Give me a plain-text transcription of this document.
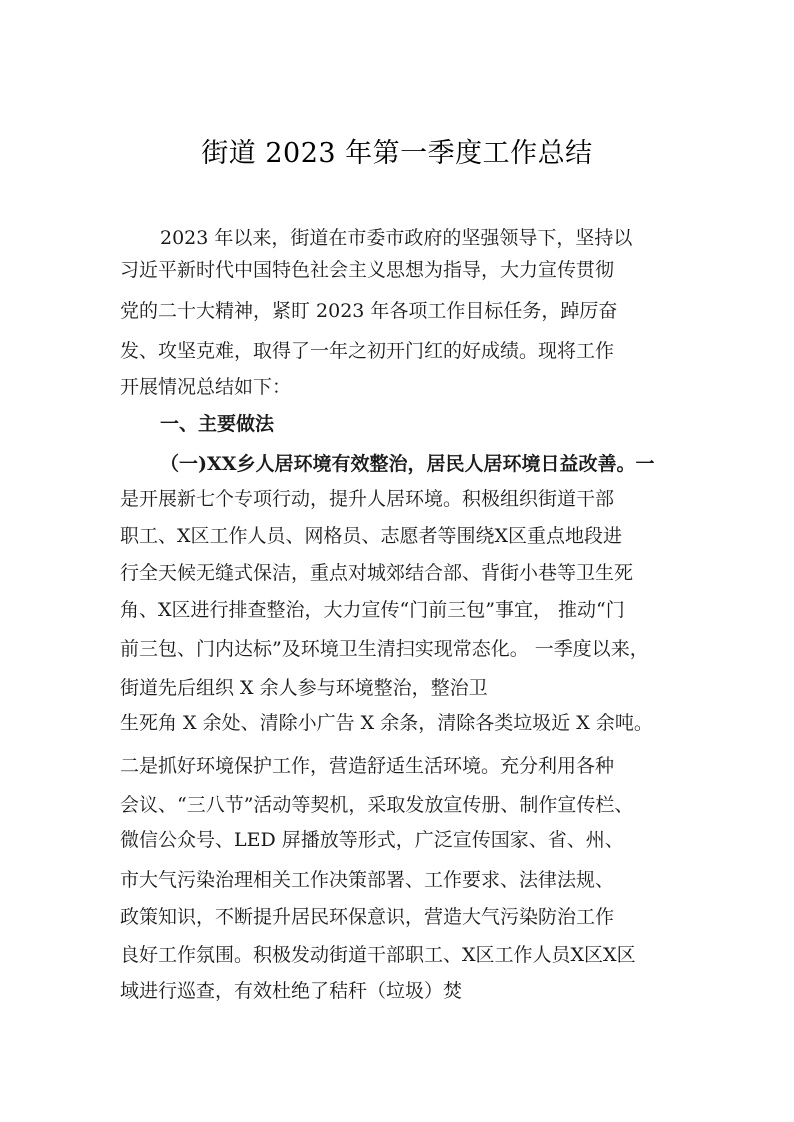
街道 2023 年第一季度工作总结
2023 年以来，街道在市委市政府的坚强领导下，坚持以
习近平新时代中国特色社会主义思想为指导，大力宣传贯彻
党的二十大精神，紧盯 2023 年各项工作目标任务，踔厉奋
发、攻坚克难，取得了一年之初开门红的好成绩。现将工作
开展情况总结如下：
一、主要做法
（一)XX乡人居环境有效整治，居民人居环境日益改善。一
是开展新七个专项行动，提升人居环境。积极组织街道干部
职工、X区工作人员、网格员、志愿者等围绕X区重点地段进
行全天候无缝式保洁，重点对城郊结合部、背街小巷等卫生死
角、X区进行排查整治，大力宣传“门前三包”事宜， 推动“门
前三包、门内达标”及环境卫生清扫实现常态化。 一季度以来，
街道先后组织 X 余人参与环境整治，整治卫
生死角 X 余处、清除小广告 X 余条，清除各类垃圾近 X 余吨。
二是抓好环境保护工作，营造舒适生活环境。充分利用各种
会议、“三八节”活动等契机，采取发放宣传册、制作宣传栏、
微信公众号、LED 屏播放等形式，广泛宣传国家、省、州、
市大气污染治理相关工作决策部署、工作要求、法律法规、
政策知识，不断提升居民环保意识，营造大气污染防治工作
良好工作氛围。积极发动街道干部职工、X区工作人员X区X区
域进行巡查，有效杜绝了秸秆（垃圾）焚
